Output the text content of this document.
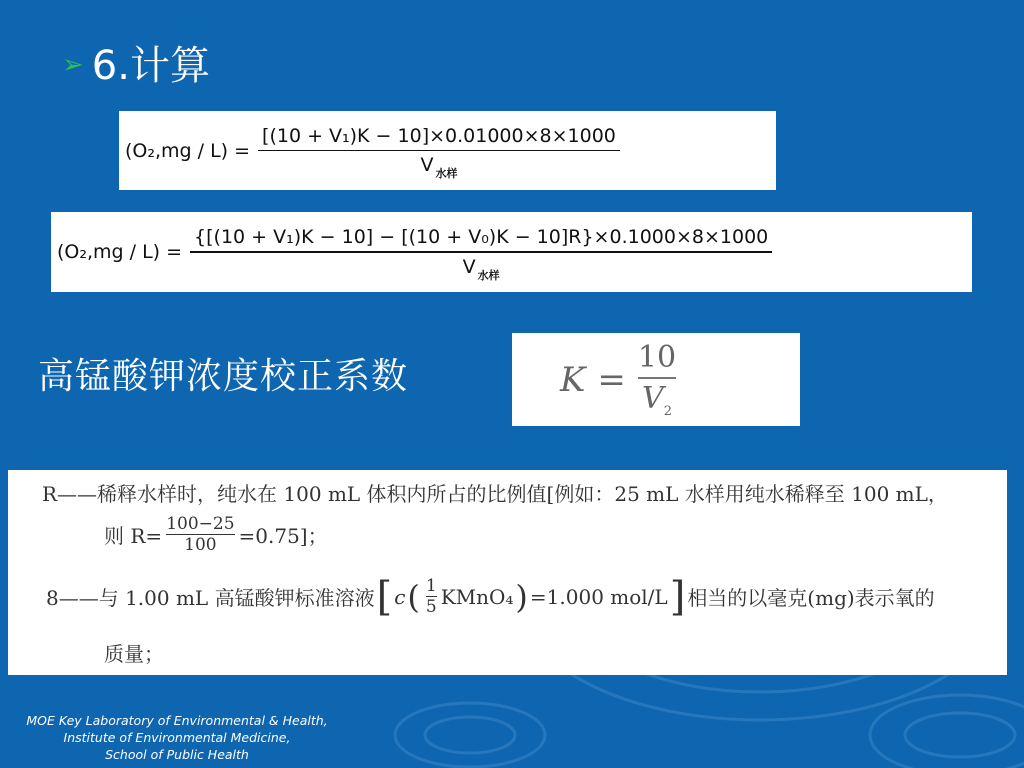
➢ 6.计算
$(O_2,mg / L) = \frac{\text{[(10 + V₁)K − 10]×0.01000×8×1000}}{V _{水样}}$
$(O_2,mg / L) = \frac{\text{\{[(10 + V₁)K − 10] − [(10 + V₀)K − 10]R\}×0.1000×8×1000}}{V _{水样}}$
高锰酸钾浓度校正系数	K =
10
$V_2$
R——稀释水样时，纯水在 100 mL 体积内所占的比例值[例如：25 mL 水样用纯水稀释至 100 mL，
则 R= 100−25
100 =0.75]；
8——与 1.00 mL 高锰酸钾标准溶液 [ c ( 1
5 KMnO₄ ) =1.000 mol/L ] 相当的以毫克(mg)表示氧的
质量；
MOE Key Laboratory of Environmental & Health,
Institute of Environmental Medicine,
School of Public Health
